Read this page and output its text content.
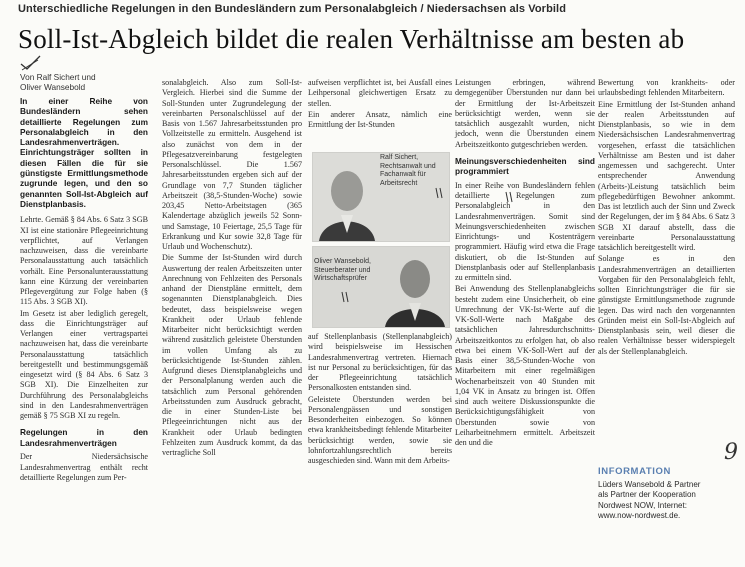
Unterschiedliche Regelungen in den Bundesländern zum Personalabgleich / Niedersachsen als Vorbild
Soll-Ist-Abgleich bildet die realen Verhältnisse am besten ab
Von Ralf Sichert und
Oliver Wansebold

In einer Reihe von Bundesländern sehen detaillierte Regelungen zum Personalabgleich in den Landesrahmenverträgen. Einrichtungsträger sollten in diesen Fällen die für sie günstigste Ermittlungsmethode zugrunde legen, und den so genannten Soll-Ist-Abgleich auf Dienstplanbasis.

Lehrte. Gemäß § 84 Abs. 6 Satz 3 SGB XI ist eine stationäre Pflegeeinrichtung verpflichtet, auf Verlangen nachzuweisen, dass die vereinbarte Personalausstattung auch tatsächlich vorhält. Eine Personalunterausstattung kann eine Kürzung der vereinbarten Pflegevergütung zur Folge haben (§ 115 Abs. 3 SGB XI).

Im Gesetz ist aber lediglich geregelt, dass die Einrichtungsträger auf Verlangen einer vertragspartei nachzuweisen hat, dass die vereinbarte Personalausstattung tatsächlich bereitgestellt und bestimmungsgemäß eingesetzt wird (§ 84 Abs. 6 Satz 3 SGB XI). Die Einzelheiten zur Durchführung des Personalabgleichs sind in den Landesrahmenverträgen gemäß § 75 SGB XI zu regeln.

Regelungen in den Landesrahmenverträgen

Der Niedersächsische Landesrahmenvertrag enthält recht detaillierte Regelungen zum Per-

sonalabgleich. Also zum Soll-Ist-Vergleich. Hierbei sind die Summe der Soll-Stunden unter Zugrundelegung der vereinbarten Personalschlüssel auf der Basis von 1.567 Jahresarbeitsstunden pro Vollzeitstelle zu ermitteln. Ausgehend ist also zunächst von dem in der Pflegesatzvereinbarung festgelegten Personalschlüssel. Die 1.567 Jahresarbeitsstunden ergeben sich auf der Grundlage von 7,7 Stunden täglicher Arbeitszeit (38,5-Stunden-Woche) sowie 203,45 Netto-Arbeitstagen (365 Kalendertage abzüglich jeweils 52 Sonn- und Samstage, 10 Feiertage, 25,5 Tage für Erkrankung und Kur sowie 32,8 Tage für Urlaub und Wochenschutz).

Die Summe der Ist-Stunden wird durch Auswertung der realen Arbeitszeiten unter Anrechnung von Fehlzeiten des Personals anhand der Dienstpläne ermittelt, dem sogenannten Dienstplanabgleich. Dies bedeutet, dass beispielsweise wegen Krankheit oder Urlaub fehlende Mitarbeiter nicht berücksichtigt werden während zusätzlich geleistete Überstunden im vollen Umfang als zu berücksichtigende Ist-Stunden zählen. Aufgrund dieses Dienstplanabgleichs und der Personalplanung werden auch die tatsächlich zum Personal gehörenden Arbeitsstunden zum Ausdruck gebracht, die in einer Stunden-Liste bei Pflegeeinrichtungen nicht aus der Krankheit oder Urlaub bedingten Fehlzeiten zum Ausdruck kommt, da das vertragliche Soll

aufweisen verpflichtet ist, bei Ausfall eines Leihpersonal gleichwertigen Ersatz zu stellen.

Ein anderer Ansatz, nämlich eine Ermittlung der Ist-Stunden

auf Stellenplanbasis (Stellenplanabgleich) wird beispielsweise im Hessischen Landesrahmenvertrag vertreten. Hiernach ist nur Personal zu berücksichtigen, für das der Pflegeeinrichtung tatsächlich Personalkosten entstanden sind.

Geleistete Überstunden werden bei Personalengpässen und sonstigen Besonderheiten einbezogen. So können etwa krankheitsbedingt fehlende Mitarbeiter berücksichtigt werden, sowie sie lohnfortzahlungsrechtlich bereits ausgeschieden sind. Wann mit dem Arbeits-

Ralf Sichert,
Rechtsanwalt und
Fachanwalt für
Arbeitsrecht
Oliver Wansebold,
Steuerberater und
Wirtschaftsprüfer

Leistungen erbringen, während demgegenüber Überstunden nur dann bei der Ermittlung der Ist-Arbeitszeit berücksichtigt werden, wenn sie tatsächlich ausgezahlt wurden, nicht jedoch, wenn die Überstunden einem Arbeitszeitkonto gutgeschrieben werden.

Meinungsverschiedenheiten sind programmiert

In einer Reihe von Bundesländern fehlen detaillierte Regelungen zum Personalabgleich in den Landesrahmenverträgen. Somit sind Meinungsverschiedenheiten zwischen Einrichtungs- und Kostenträgern programmiert. Häufig wird etwa die Frage diskutiert, ob die Ist-Stunden auf Dienstplanbasis oder auf Stellenplanbasis zu ermitteln sind.

Bei Anwendung des Stellenplanabgleichs besteht zudem eine Unsicherheit, ob eine Umrechnung der VK-Ist-Werte auf die VK-Soll-Werte nach Maßgabe des tatsächlichen Jahresdurchschnitts-Arbeitszeitkontos zu erfolgen hat, ob also etwa bei einem VK-Soll-Wert auf der Basis einer 38,5-Stunden-Woche von Mitarbeitern mit einer regelmäßigen Wochenarbeitszeit von 40 Stunden mit 1,04 VK in Ansatz zu bringen ist. Offen sind auch weitere Diskussionspunkte die Berücksichtigungsfähigkeit von Überstunden sowie von Leiharbeitnehmern ermittelt. Arbeitszeit den und die

Bewertung von krankheits- oder urlaubsbedingt fehlenden Mitarbeitern.

Eine Ermittlung der Ist-Stunden anhand der realen Arbeitsstunden auf Dienstplanbasis, so wie in dem Niedersächsischen Landesrahmenvertrag vorgesehen, erfasst die tatsächlichen Verhältnisse am Besten und ist daher angemessen und sachgerecht. Unter entsprechender Anwendung (Arbeits-)Leistung tatsächlich beim pflegebedürftigen Bewohner ankommt. Das ist letztlich auch der Sinn und Zweck der Regelungen, der im § 84 Abs. 6 Satz 3 SGB XI darauf abstellt, dass die vereinbarte Personalausstattung tatsächlich bereitgestellt wird.

Solange es in den Landesrahmenverträgen an detaillierten Vorgaben für den Personalabgleich fehlt, sollten Einrichtungsträger die für sie günstigste Ermittlungsmethode zugrunde legen. Das wird nach den vorgenannten Gründen meist ein Soll-Ist-Abgleich auf Dienstplanbasis sein, weil dieser die realen Verhältnisse besser widerspiegelt als der Stellenplanabgleich.

INFORMATION
Lüders Wansebold & Partner
als Partner der Kooperation
Nordwest NOW, Internet:
www.now-nordwest.de.
9
